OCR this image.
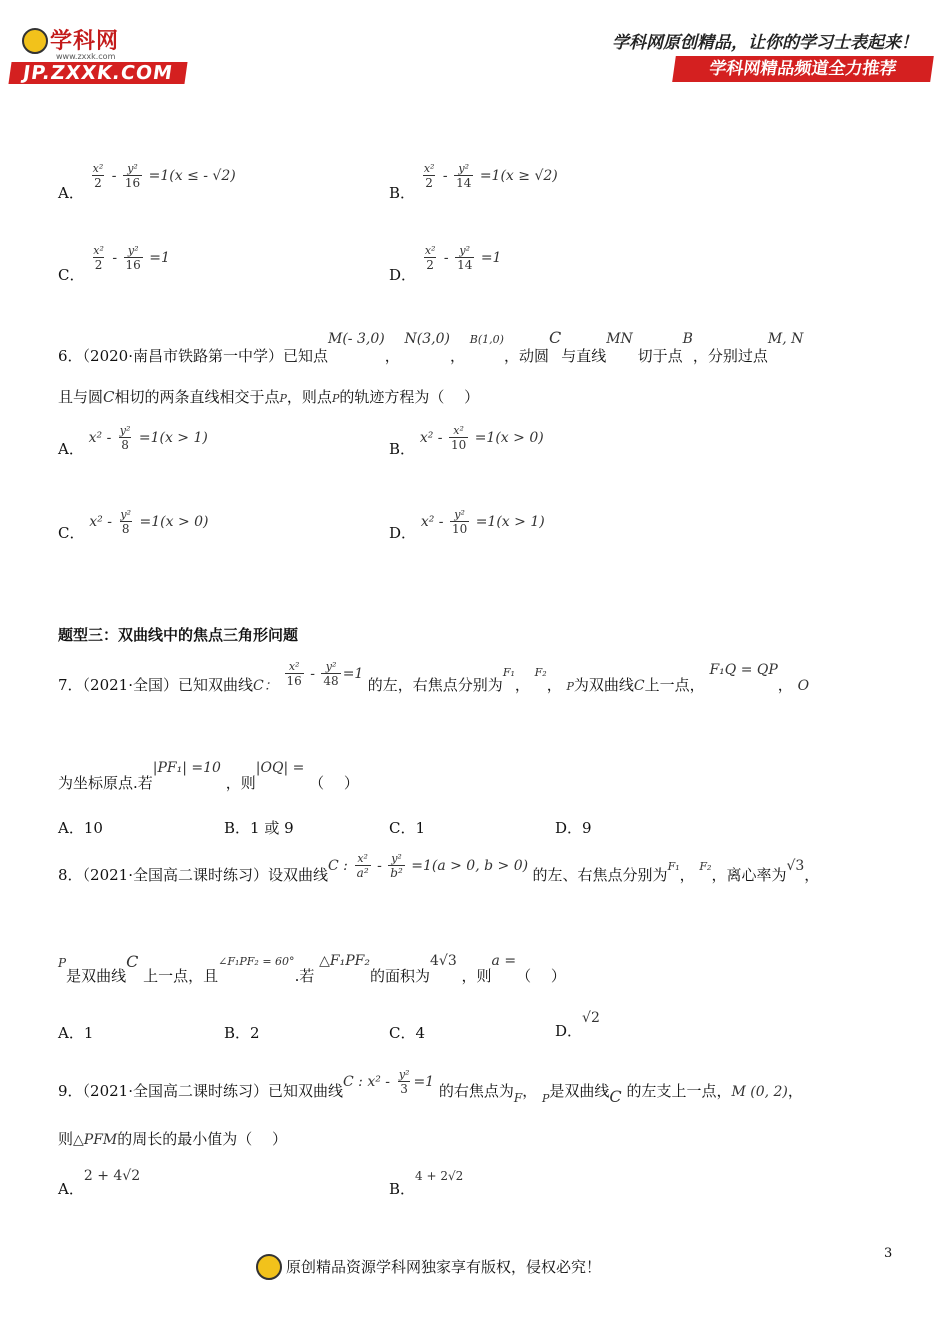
学科网
www.zxxk.com
JP.ZXXK.COM
学科网原创精品，让你的学习士表起来！
学科网精品频道全力推荐
A．
$\frac{\text{x²}}{2} - \frac{\text{y²}}{16} =1(x$ ≤ - √2)
B．
$\frac{\text{x²}}{2} - \frac{\text{y²}}{14} =1(x \ge √2)$
C．
$\frac{\text{x²}}{2} - \frac{\text{y²}}{16} =1$
D．
$\frac{\text{x²}}{2} - \frac{\text{y²}}{14} =1$
6．（2020·南昌市铁路第一中学）已知点M(- 3,0)， N(3,0)， $^{B(1,0)}$，动圆C与直线MN 切于点B，分别过点M, N
且与圆C相切的两条直线相交于点P，则点P的轨迹方程为（　 ）
A． $x^2 - \frac{\text{y²}}{8} =1(x > 1)$
B． $x^2 - \frac{\text{x²}}{10} =1(x > 0)$
C． $x^2 - \frac{\text{y²}}{8} =1(x > 0)$
D． $x^2 - \frac{\text{y²}}{10} =1(x > 1)$
题型三：双曲线中的焦点三角形问题
7．（2021·全国）已知双曲线C： $\frac{\text{x²}}{16} - \frac{\text{y²}}{48} =1$ 的左，右焦点分别为F₁， F₂， $_P$为双曲线C上一点， F₁Q = QP， O
为坐标原点.若|PF₁| =10 ，则|OQ| = （　 ）
A．10	B．1 或 9	C．1	D．9
8．（2021·全国高二课时练习）设双曲线C : $\frac{\text{x²}}{\text{a²}} - \frac{\text{y²}}{\text{b²}} =1(a > 0$, b > 0) 的左、右焦点分别为F₁， F₂，离心率为√3，
$^P$是双曲线C 上一点，且$^{\angle F_1PF_2 = 60^\circ}$.若 △F₁PF₂的面积为4√3 ，则a =（　 ）
A．1	B．2	C．4	D．√2
9．（2021·全国高二课时练习）已知双曲线C : $x^2 - \frac{\text{y²}}{3} =1$ 的右焦点为$_F$， $_P$是双曲线C 的左支上一点，M (0, 2)，
则△PFM的周长的最小值为（　 ）
A．2 + 4√2
B．4 + 2√2
原创精品资源学科网独家享有版权，侵权必究！
3
